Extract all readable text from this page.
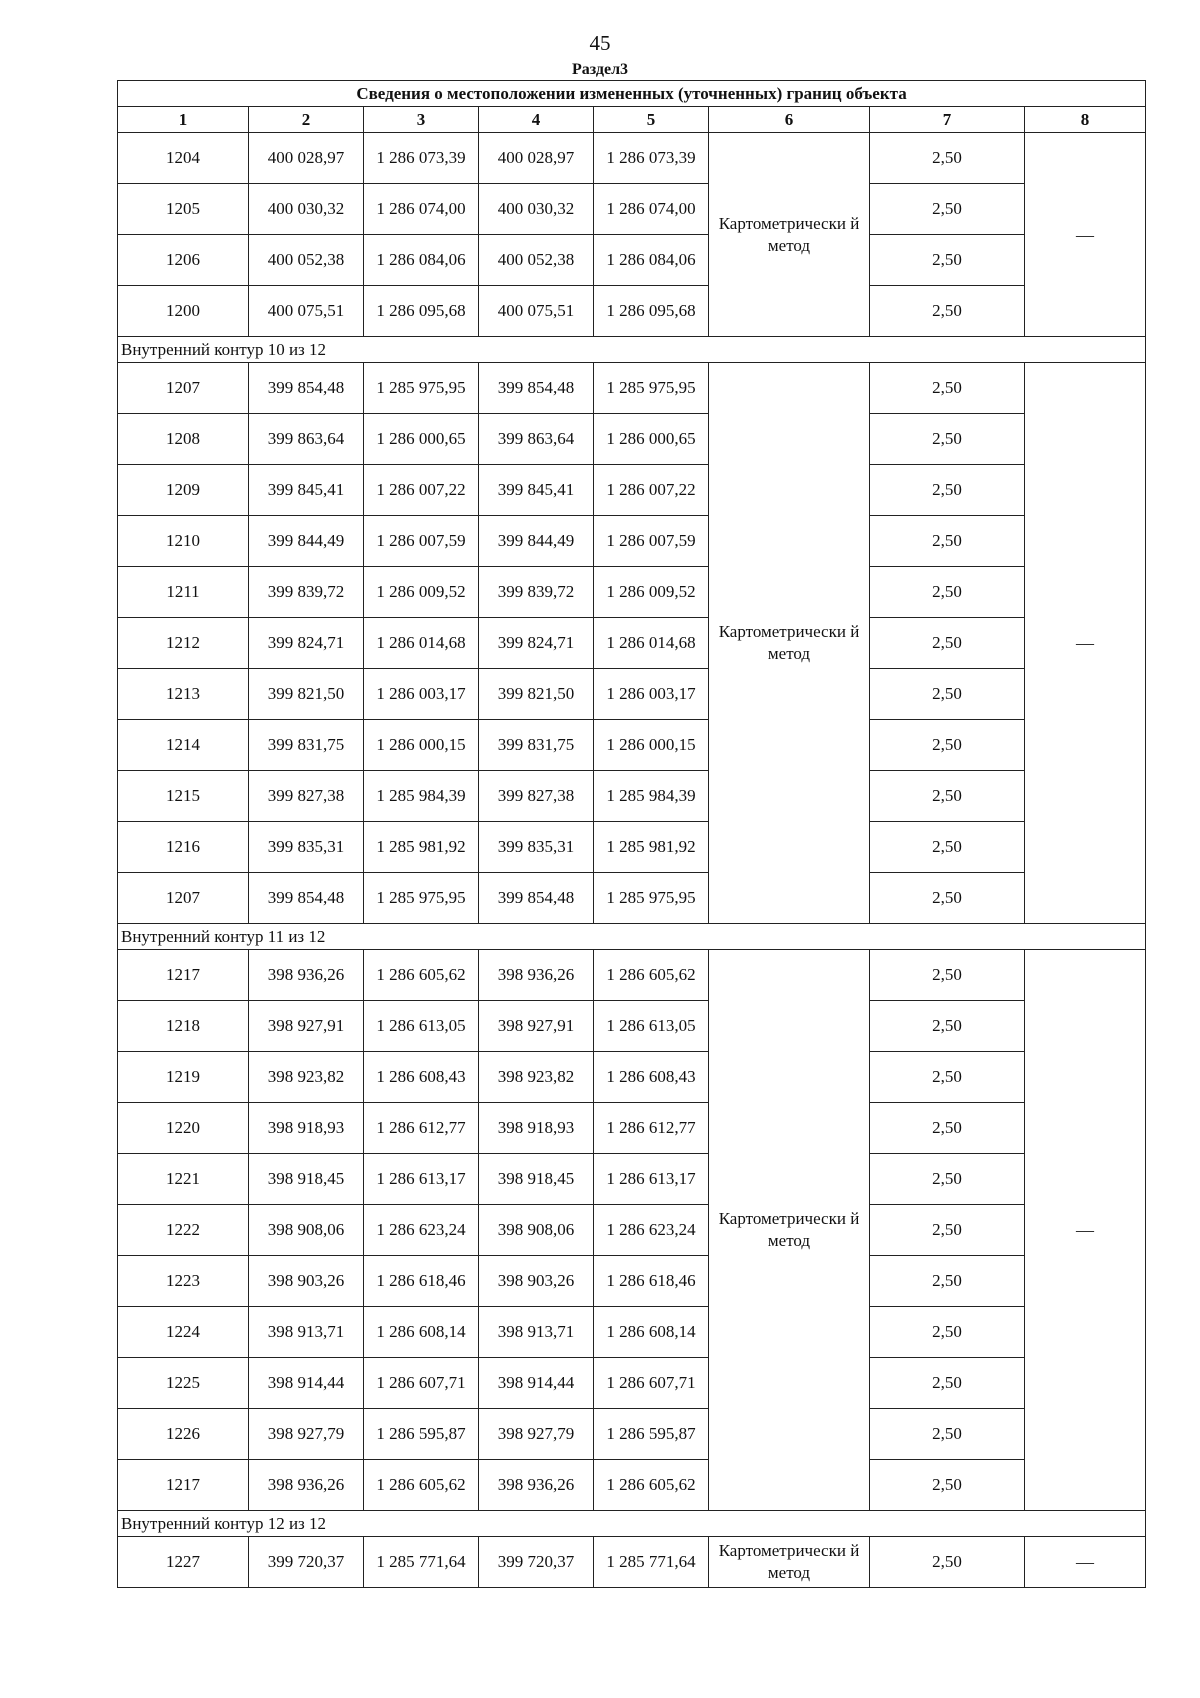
45
Раздел3
Сведения о местоположении измененных (уточненных) границ объекта							
1	2	3	4	5	6	7	8
1204	400 028,97	1 286 073,39	400 028,97	1 286 073,39	Картометрически й метод	2,50	—
1205	400 030,32	1 286 074,00	400 030,32	1 286 074,00		2,50	
1206	400 052,38	1 286 084,06	400 052,38	1 286 084,06		2,50	
1200	400 075,51	1 286 095,68	400 075,51	1 286 095,68		2,50	
Внутренний контур 10 из 12							
1207	399 854,48	1 285 975,95	399 854,48	1 285 975,95	Картометрически й метод	2,50	—
1208	399 863,64	1 286 000,65	399 863,64	1 286 000,65		2,50	
1209	399 845,41	1 286 007,22	399 845,41	1 286 007,22		2,50	
1210	399 844,49	1 286 007,59	399 844,49	1 286 007,59		2,50	
1211	399 839,72	1 286 009,52	399 839,72	1 286 009,52		2,50	
1212	399 824,71	1 286 014,68	399 824,71	1 286 014,68		2,50	
1213	399 821,50	1 286 003,17	399 821,50	1 286 003,17		2,50	
1214	399 831,75	1 286 000,15	399 831,75	1 286 000,15		2,50	
1215	399 827,38	1 285 984,39	399 827,38	1 285 984,39		2,50	
1216	399 835,31	1 285 981,92	399 835,31	1 285 981,92		2,50	
1207	399 854,48	1 285 975,95	399 854,48	1 285 975,95		2,50	
Внутренний контур 11 из 12							
1217	398 936,26	1 286 605,62	398 936,26	1 286 605,62	Картометрически й метод	2,50	—
1218	398 927,91	1 286 613,05	398 927,91	1 286 613,05		2,50	
1219	398 923,82	1 286 608,43	398 923,82	1 286 608,43		2,50	
1220	398 918,93	1 286 612,77	398 918,93	1 286 612,77		2,50	
1221	398 918,45	1 286 613,17	398 918,45	1 286 613,17		2,50	
1222	398 908,06	1 286 623,24	398 908,06	1 286 623,24		2,50	
1223	398 903,26	1 286 618,46	398 903,26	1 286 618,46		2,50	
1224	398 913,71	1 286 608,14	398 913,71	1 286 608,14		2,50	
1225	398 914,44	1 286 607,71	398 914,44	1 286 607,71		2,50	
1226	398 927,79	1 286 595,87	398 927,79	1 286 595,87		2,50	
1217	398 936,26	1 286 605,62	398 936,26	1 286 605,62		2,50	
Внутренний контур 12 из 12							
1227	399 720,37	1 285 771,64	399 720,37	1 285 771,64	Картометрически й метод	2,50	—
